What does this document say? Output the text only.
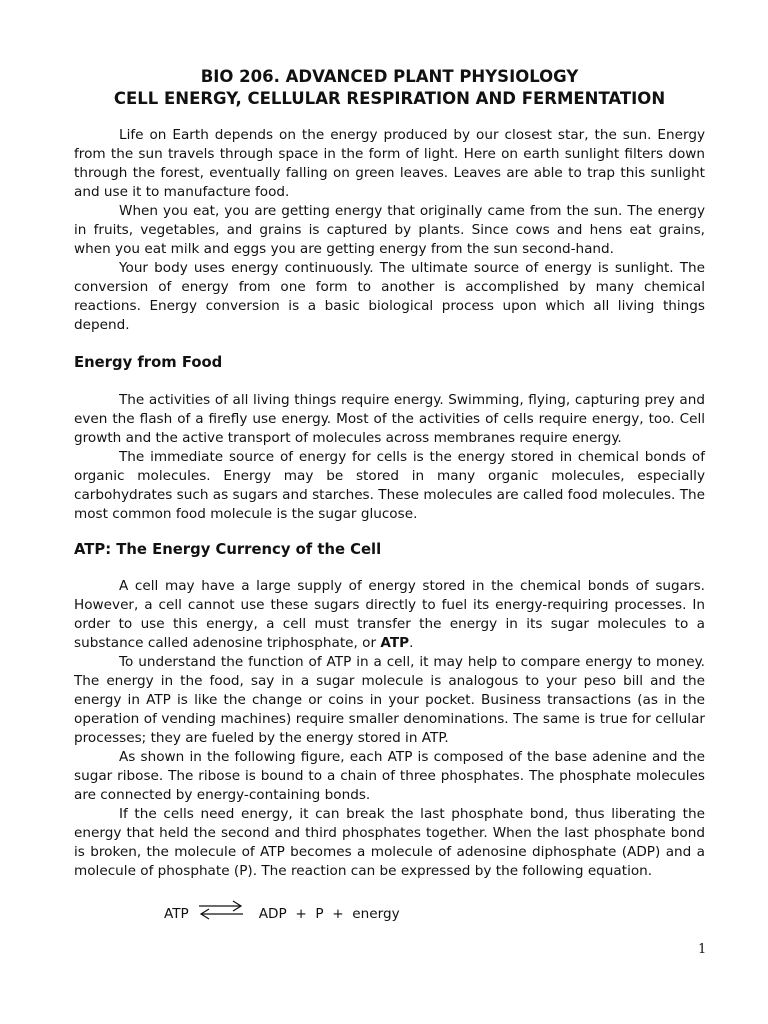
BIO 206. ADVANCED PLANT PHYSIOLOGY
CELL ENERGY, CELLULAR RESPIRATION AND FERMENTATION

Life on Earth depends on the energy produced by our closest star, the sun. Energy from the sun travels through space in the form of light. Here on earth sunlight filters down through the forest, eventually falling on green leaves. Leaves are able to trap this sunlight and use it to manufacture food.

When you eat, you are getting energy that originally came from the sun. The energy in fruits, vegetables, and grains is captured by plants. Since cows and hens eat grains, when you eat milk and eggs you are getting energy from the sun second-hand.

Your body uses energy continuously. The ultimate source of energy is sunlight. The conversion of energy from one form to another is accomplished by many chemical reactions. Energy conversion is a basic biological process upon which all living things depend.

Energy from Food

The activities of all living things require energy. Swimming, flying, capturing prey and even the flash of a firefly use energy. Most of the activities of cells require energy, too. Cell growth and the active transport of molecules across membranes require energy.

The immediate source of energy for cells is the energy stored in chemical bonds of organic molecules. Energy may be stored in many organic molecules, especially carbohydrates such as sugars and starches. These molecules are called food molecules. The most common food molecule is the sugar glucose.

ATP: The Energy Currency of the Cell

A cell may have a large supply of energy stored in the chemical bonds of sugars. However, a cell cannot use these sugars directly to fuel its energy-requiring processes. In order to use this energy, a cell must transfer the energy in its sugar molecules to a substance called adenosine triphosphate, or ATP.

To understand the function of ATP in a cell, it may help to compare energy to money. The energy in the food, say in a sugar molecule is analogous to your peso bill and the energy in ATP is like the change or coins in your pocket. Business transactions (as in the operation of vending machines) require smaller denominations. The same is true for cellular processes; they are fueled by the energy stored in ATP.

As shown in the following figure, each ATP is composed of the base adenine and the sugar ribose. The ribose is bound to a chain of three phosphates. The phosphate molecules are connected by energy-containing bonds.

If the cells need energy, it can break the last phosphate bond, thus liberating the energy that held the second and third phosphates together. When the last phosphate bond is broken, the molecule of ATP becomes a molecule of adenosine diphosphate (ADP) and a molecule of phosphate (P). The reaction can be expressed by the following equation.

ATP ⇌ ADP  +  P  +  energy
1
